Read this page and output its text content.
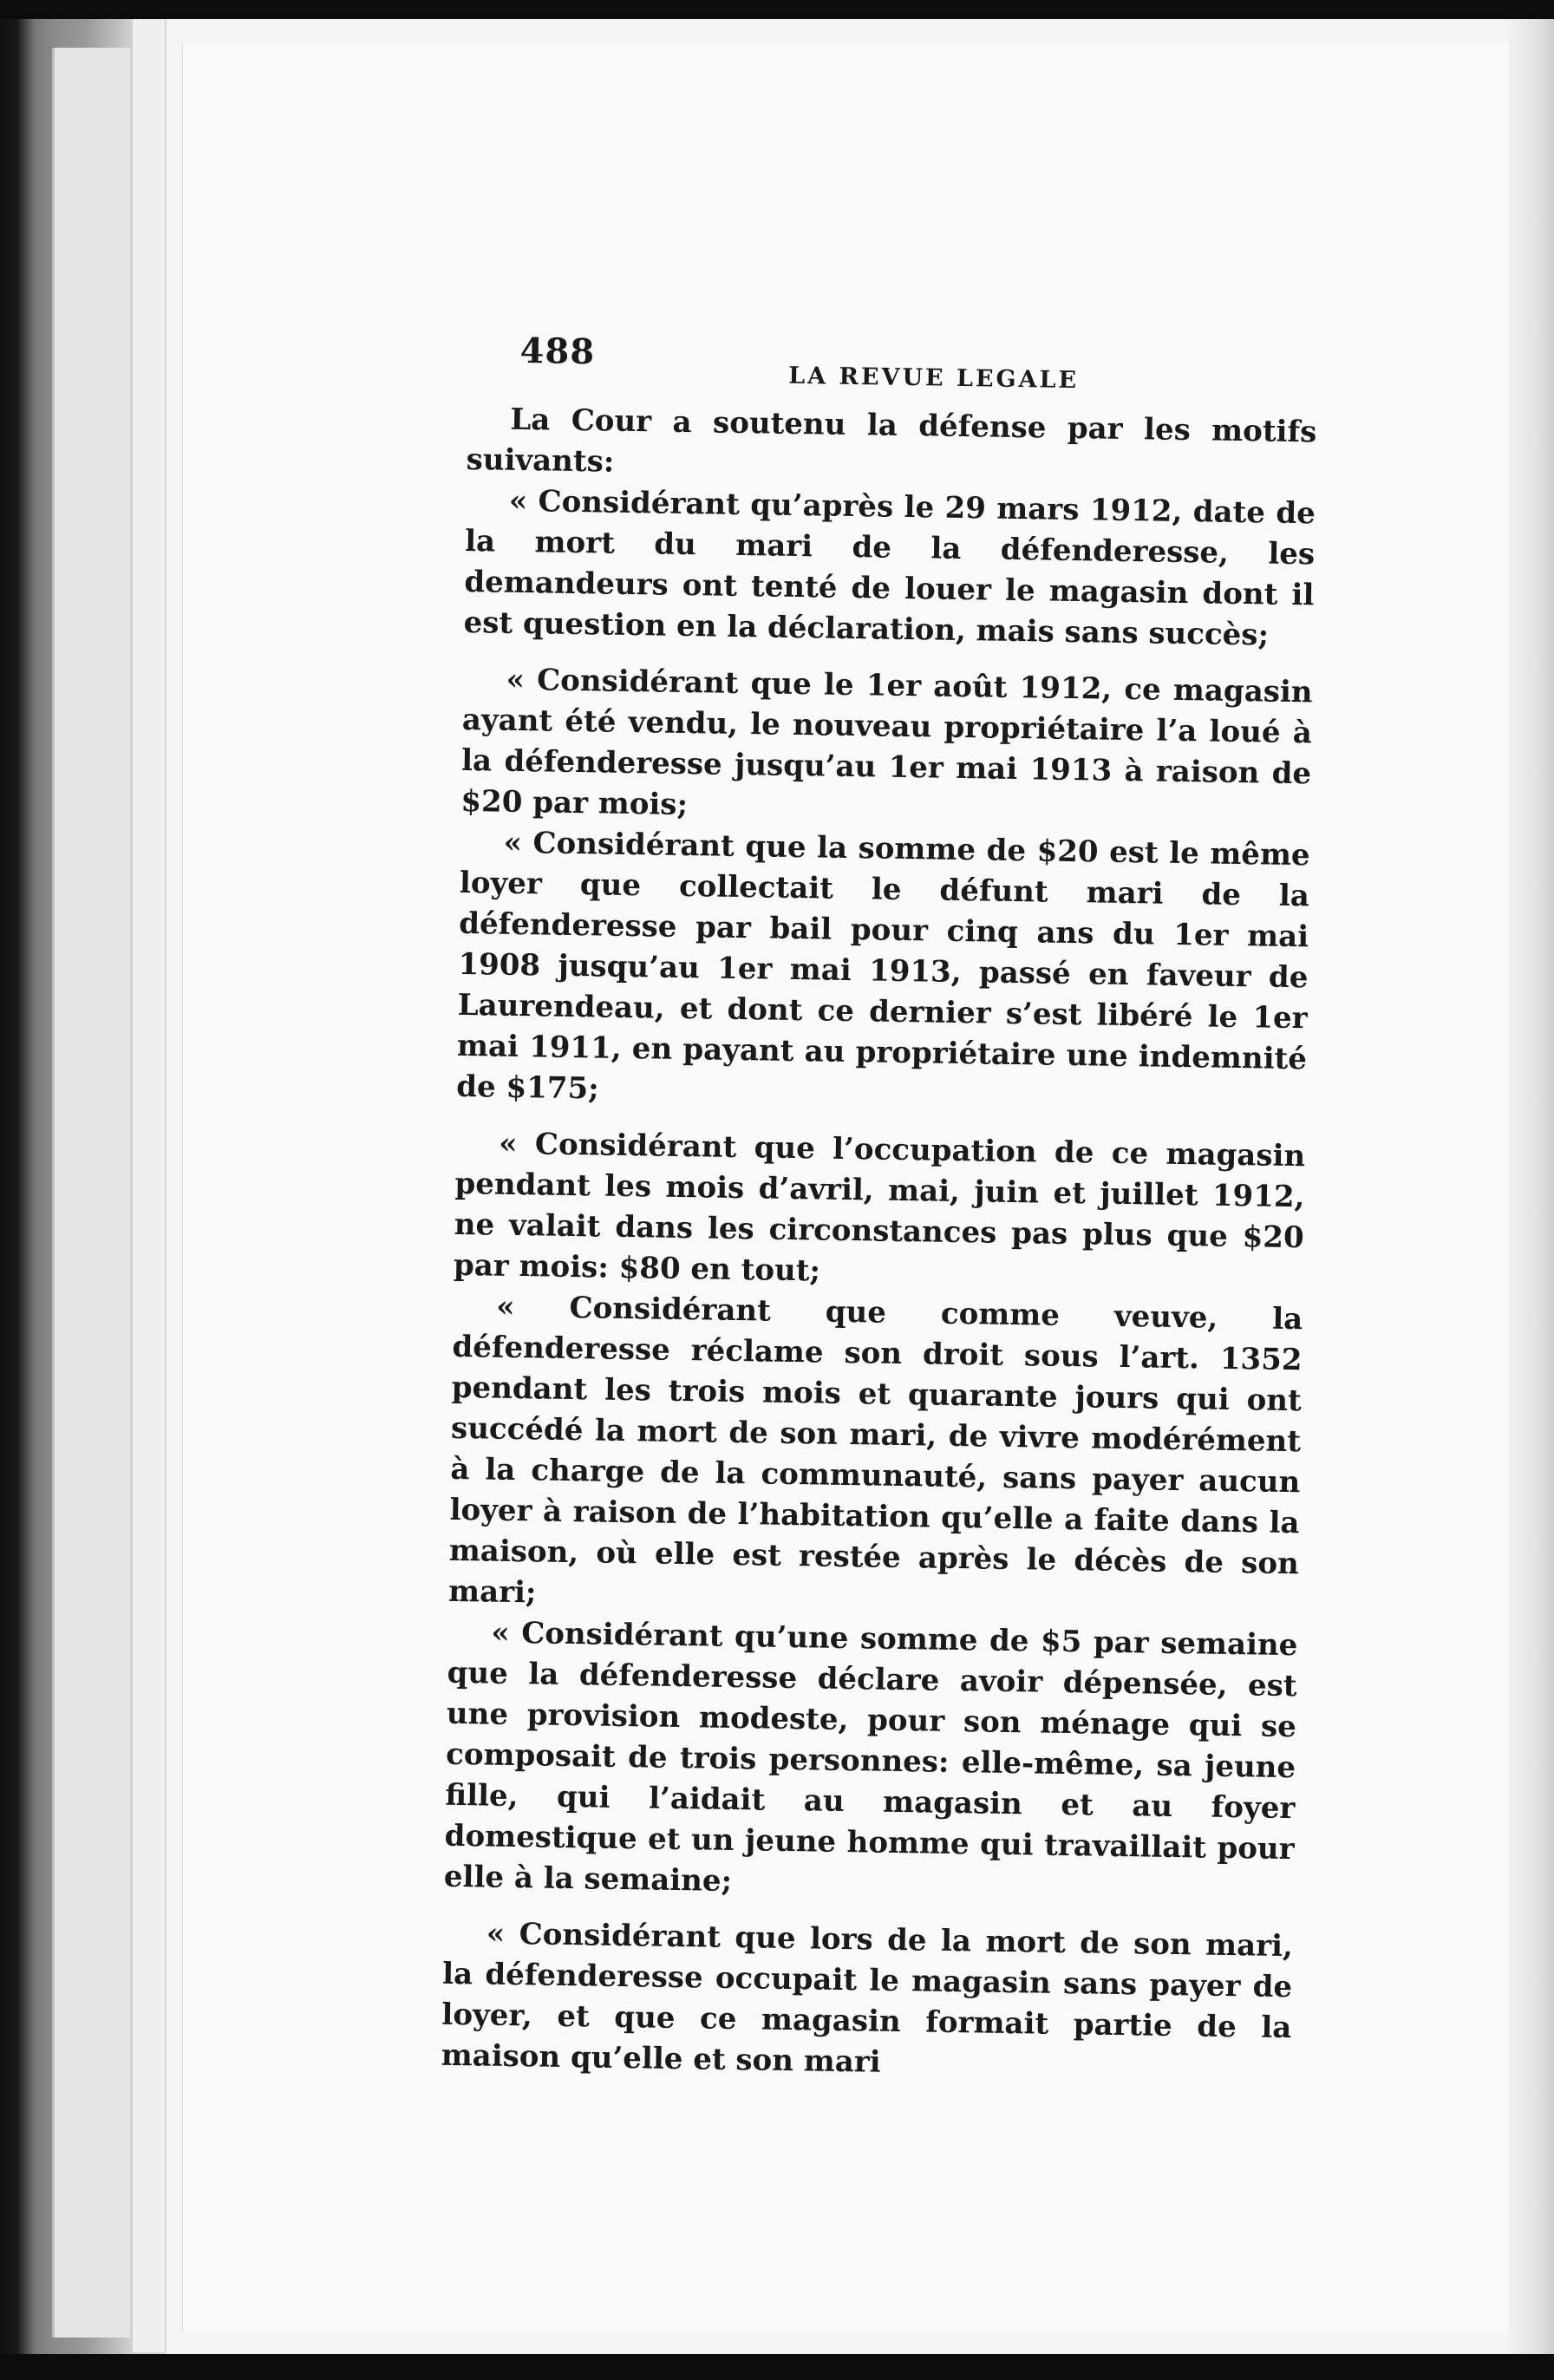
488
LA REVUE LEGALE

La Cour a soutenu la défense par les motifs suivants:

« Considérant qu’après le 29 mars 1912, date de la mort du mari de la défenderesse, les demandeurs ont tenté de louer le magasin dont il est question en la déclaration, mais sans succès;

« Considérant que le 1er août 1912, ce magasin ayant été vendu, le nouveau propriétaire l’a loué à la défenderesse jusqu’au 1er mai 1913 à raison de $20 par mois;

« Considérant que la somme de $20 est le même loyer que collectait le défunt mari de la défenderesse par bail pour cinq ans du 1er mai 1908 jusqu’au 1er mai 1913, passé en faveur de Laurendeau, et dont ce dernier s’est libéré le 1er mai 1911, en payant au propriétaire une indemnité de $175;

« Considérant que l’occupation de ce magasin pendant les mois d’avril, mai, juin et juillet 1912, ne valait dans les circonstances pas plus que $20 par mois: $80 en tout;

« Considérant que comme veuve, la défenderesse réclame son droit sous l’art. 1352 pendant les trois mois et quarante jours qui ont succédé la mort de son mari, de vivre modérément à la charge de la communauté, sans payer aucun loyer à raison de l’habitation qu’elle a faite dans la maison, où elle est restée après le décès de son mari;

« Considérant qu’une somme de $5 par semaine que la défenderesse déclare avoir dépensée, est une provision modeste, pour son ménage qui se composait de trois personnes: elle-même, sa jeune fille, qui l’aidait au magasin et au foyer domestique et un jeune homme qui travaillait pour elle à la semaine;

« Considérant que lors de la mort de son mari, la défenderesse occupait le magasin sans payer de loyer, et que ce magasin formait partie de la maison qu’elle et son mari
